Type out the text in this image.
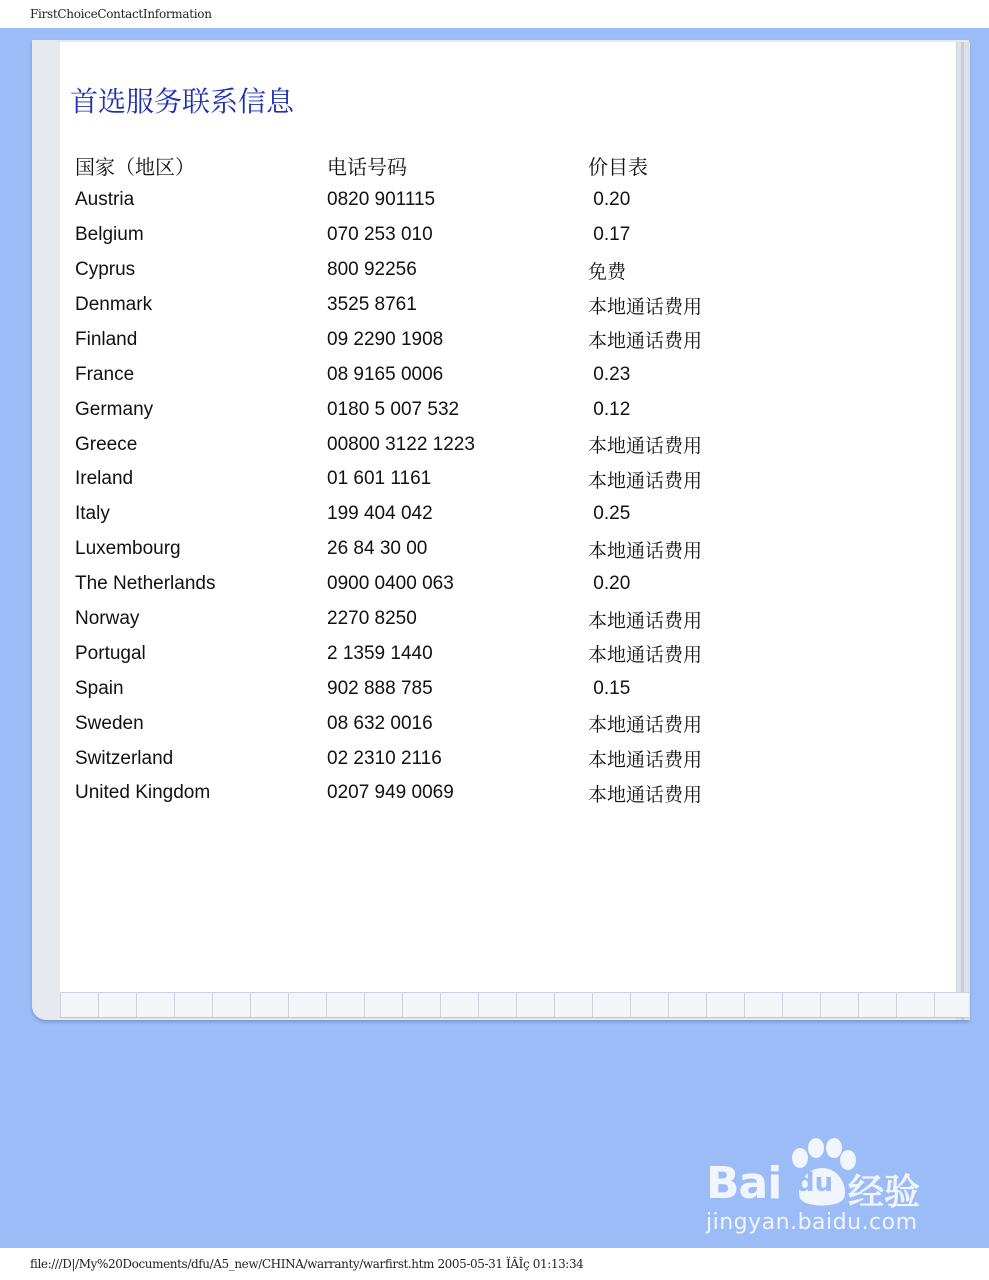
FirstChoiceContactInformation
首选服务联系信息
国家（地区）	电话号码	价目表
Austria	0820 901115	0.20
Belgium	070 253 010	0.17
Cyprus	800 92256	免费
Denmark	3525 8761	本地通话费用
Finland	09 2290 1908	本地通话费用
France	08 9165 0006	0.23
Germany	0180 5 007 532	0.12
Greece	00800 3122 1223	本地通话费用
Ireland	01 601 1161	本地通话费用
Italy	199 404 042	0.25
Luxembourg	26 84 30 00	本地通话费用
The Netherlands	0900 0400 063	0.20
Norway	2270 8250	本地通话费用
Portugal	2 1359 1440	本地通话费用
Spain	902 888 785	0.15
Sweden	08 632 0016	本地通话费用
Switzerland	02 2310 2116	本地通话费用
United Kingdom	0207 949 0069	本地通话费用
Bai du 经验
jingyan.baidu.com
file:///D|/My%20Documents/dfu/A5_new/CHINA/warranty/warfirst.htm 2005-05-31 ÏÂÎç 01:13:34
